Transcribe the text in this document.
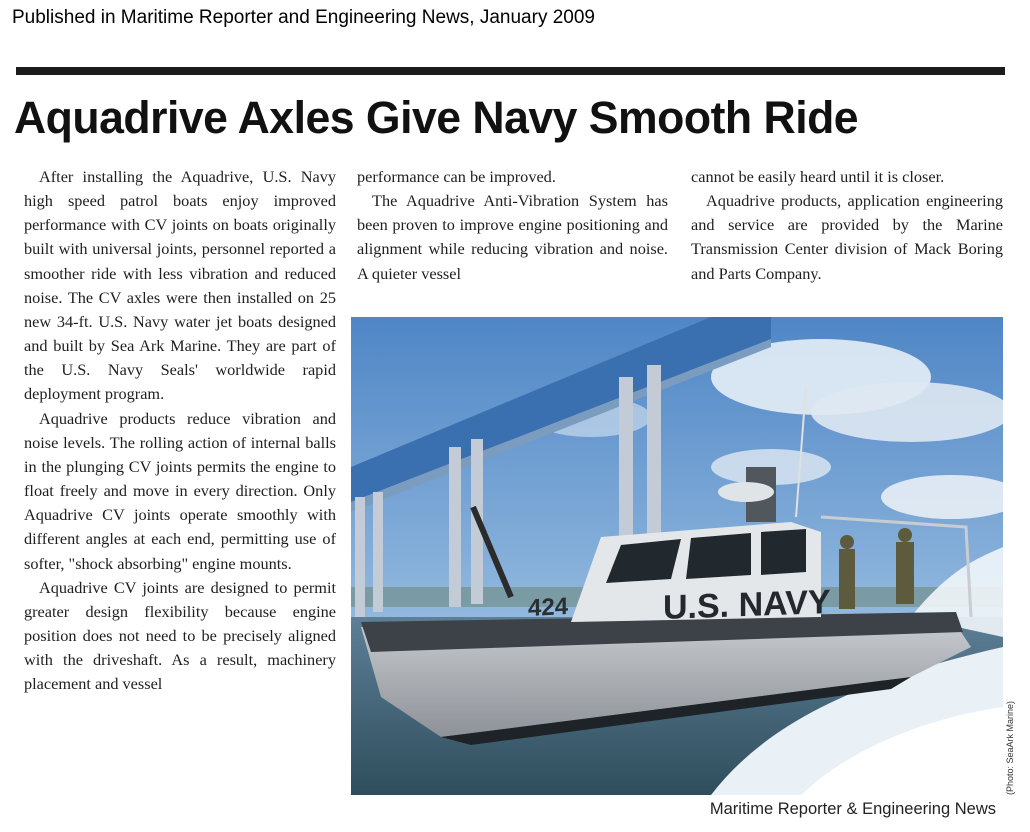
Published in Maritime Reporter and Engineering News, January 2009
Aquadrive Axles Give Navy Smooth Ride

After installing the Aquadrive, U.S. Navy high speed patrol boats enjoy improved performance with CV joints on boats originally built with universal joints, personnel reported a smoother ride with less vibration and reduced noise. The CV axles were then installed on 25 new 34-ft. U.S. Navy water jet boats designed and built by Sea Ark Marine. They are part of the U.S. Navy Seals' worldwide rapid deployment program.

Aquadrive products reduce vibration and noise levels. The rolling action of internal balls in the plunging CV joints permits the engine to float freely and move in every direction. Only Aquadrive CV joints operate smoothly with different angles at each end, permitting use of softer, "shock absorbing" engine mounts.

Aquadrive CV joints are designed to permit greater design flexibility because engine position does not need to be precisely aligned with the driveshaft. As a result, machinery placement and vessel

performance can be improved.

The Aquadrive Anti-Vibration System has been proven to improve engine positioning and alignment while reducing vibration and noise. A quieter vessel

cannot be easily heard until it is closer.

Aquadrive products, application engineering and service are provided by the Marine Transmission Center division of Mack Boring and Parts Company.

424	U.S. NAVY
(Photo: SeaArk Marine)
Maritime Reporter & Engineering News
